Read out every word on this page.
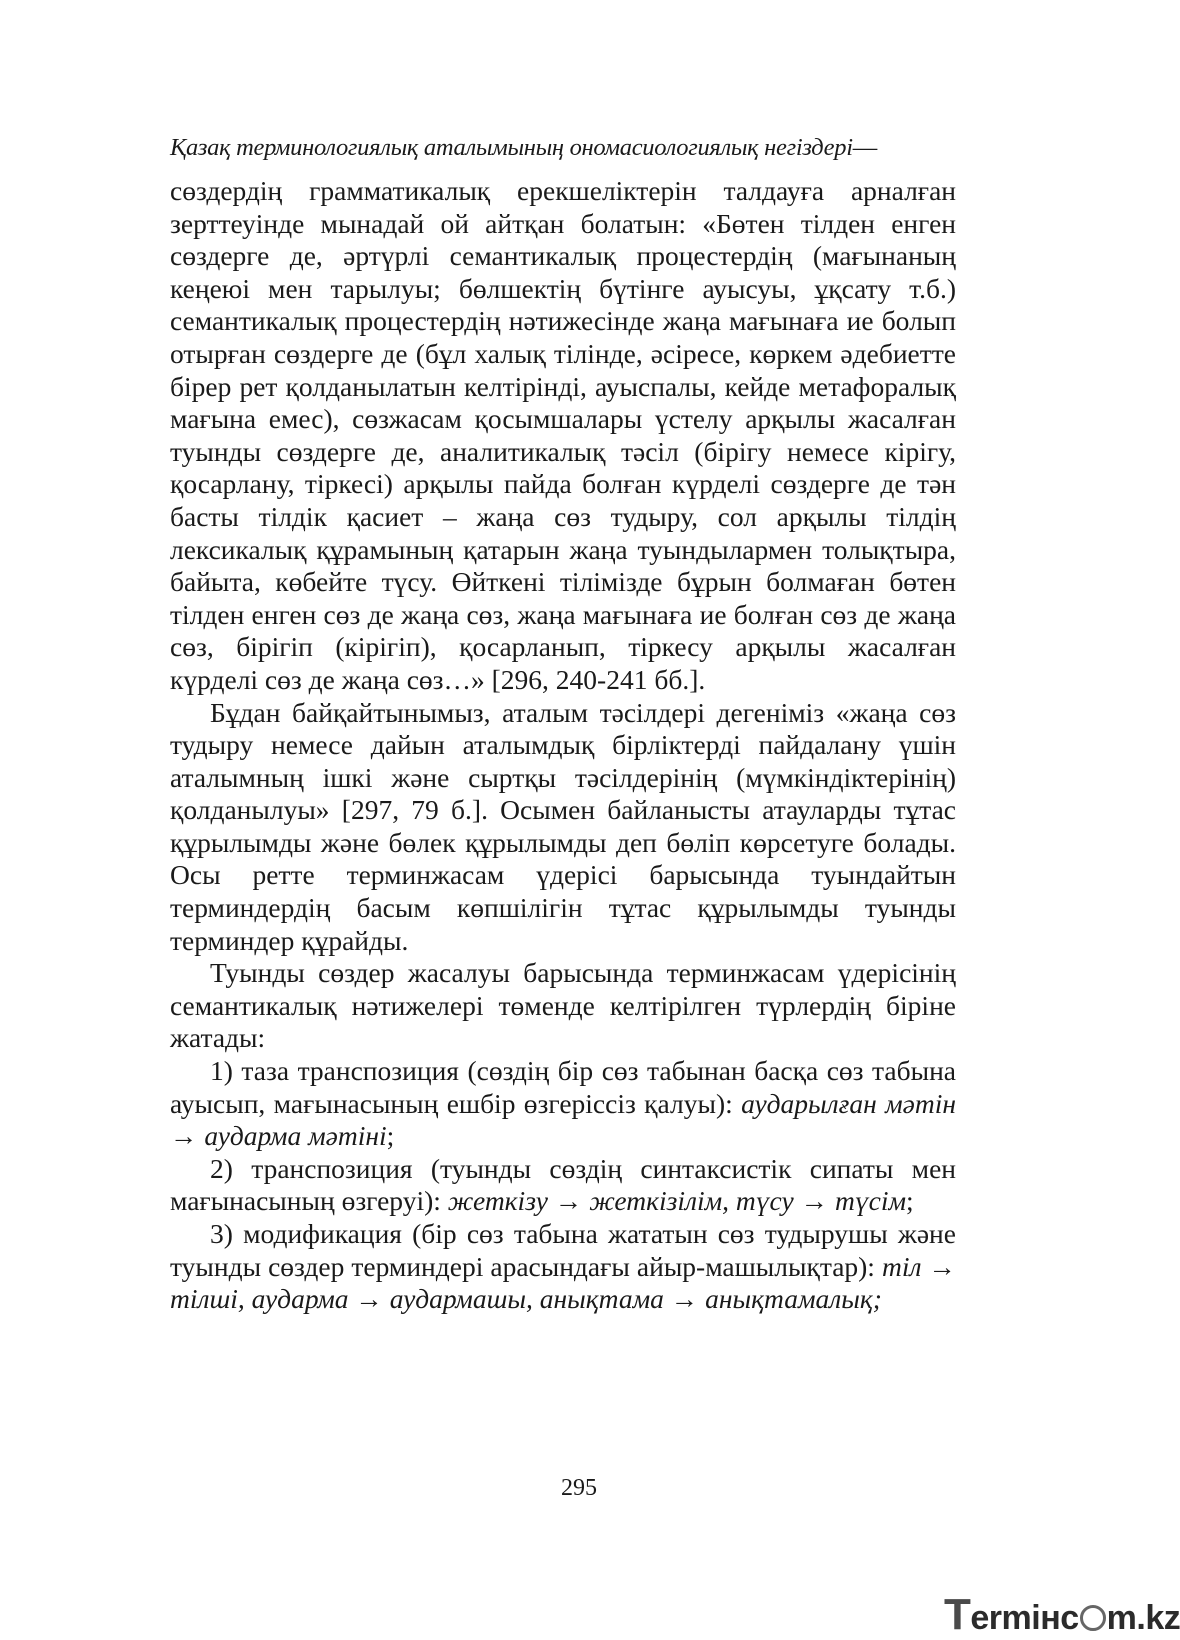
Қазақ терминологиялық аталымының ономасиологиялық негіздері—

сөздердің грамматикалық ерекшеліктерін талдауға арналған зерттеуінде мынадай ой айтқан болатын: «Бөтен тілден енген сөздерге де, әртүрлі семантикалық процестердің (мағынаның кеңеюі мен тарылуы; бөлшектің бүтінге ауысуы, ұқсату т.б.) семантикалық процестердің нәтижесінде жаңа мағынаға ие болып отырған сөздерге де (бұл халық тілінде, әсіресе, көркем әдебиетте бірер рет қолданылатын келтірінді, ауыспалы, кейде метафоралық мағына емес), сөзжасам қосымшалары үстелу арқылы жасалған туынды сөздерге де, аналитикалық тәсіл (бірігу немесе кірігу, қосарлану, тіркесі) арқылы пайда болған күрделі сөздерге де тән басты тілдік қасиет – жаңа сөз тудыру, сол арқылы тілдің лексикалық құрамының қатарын жаңа туындылармен толықтыра, байыта, көбейте түсу. Өйткені тілімізде бұрын болмаған бөтен тілден енген сөз де жаңа сөз, жаңа мағынаға ие болған сөз де жаңа сөз, бірігіп (кірігіп), қосарланып, тіркесу арқылы жасалған күрделі сөз де жаңа сөз…» [296, 240-241 бб.].

Бұдан байқайтынымыз, аталым тәсілдері дегеніміз «жаңа сөз тудыру немесе дайын аталымдық бірліктерді пайдалану үшін аталымның ішкі және сыртқы тәсілдерінің (мүмкіндіктерінің) қолданылуы» [297, 79 б.]. Осымен байланысты атауларды тұтас құрылымды және бөлек құрылымды деп бөліп көрсетуге болады. Осы ретте терминжасам үдерісі барысында туындайтын терминдердің басым көпшілігін тұтас құрылымды туынды терминдер құрайды.

Туынды сөздер жасалуы барысында терминжасам үдерісінің семантикалық нәтижелері төменде келтірілген түрлердің біріне жатады:

1) таза транспозиция (сөздің бір сөз табынан басқа сөз табына ауысып, мағынасының ешбір өзгеріссіз қалуы): аударылған мәтін → аударма мәтіні;

2) транспозиция (туынды сөздің синтаксистік сипаты мен мағынасының өзгеруі): жеткізу → жеткізілім, түсу → түсім;

3) модификация (бір сөз табына жататын сөз тудырушы және туынды сөздер терминдері арасындағы айыр-машылықтар): тіл → тілші, аударма → аудармашы, анықтама → анықтамалық;

295
Termінc m.kz
